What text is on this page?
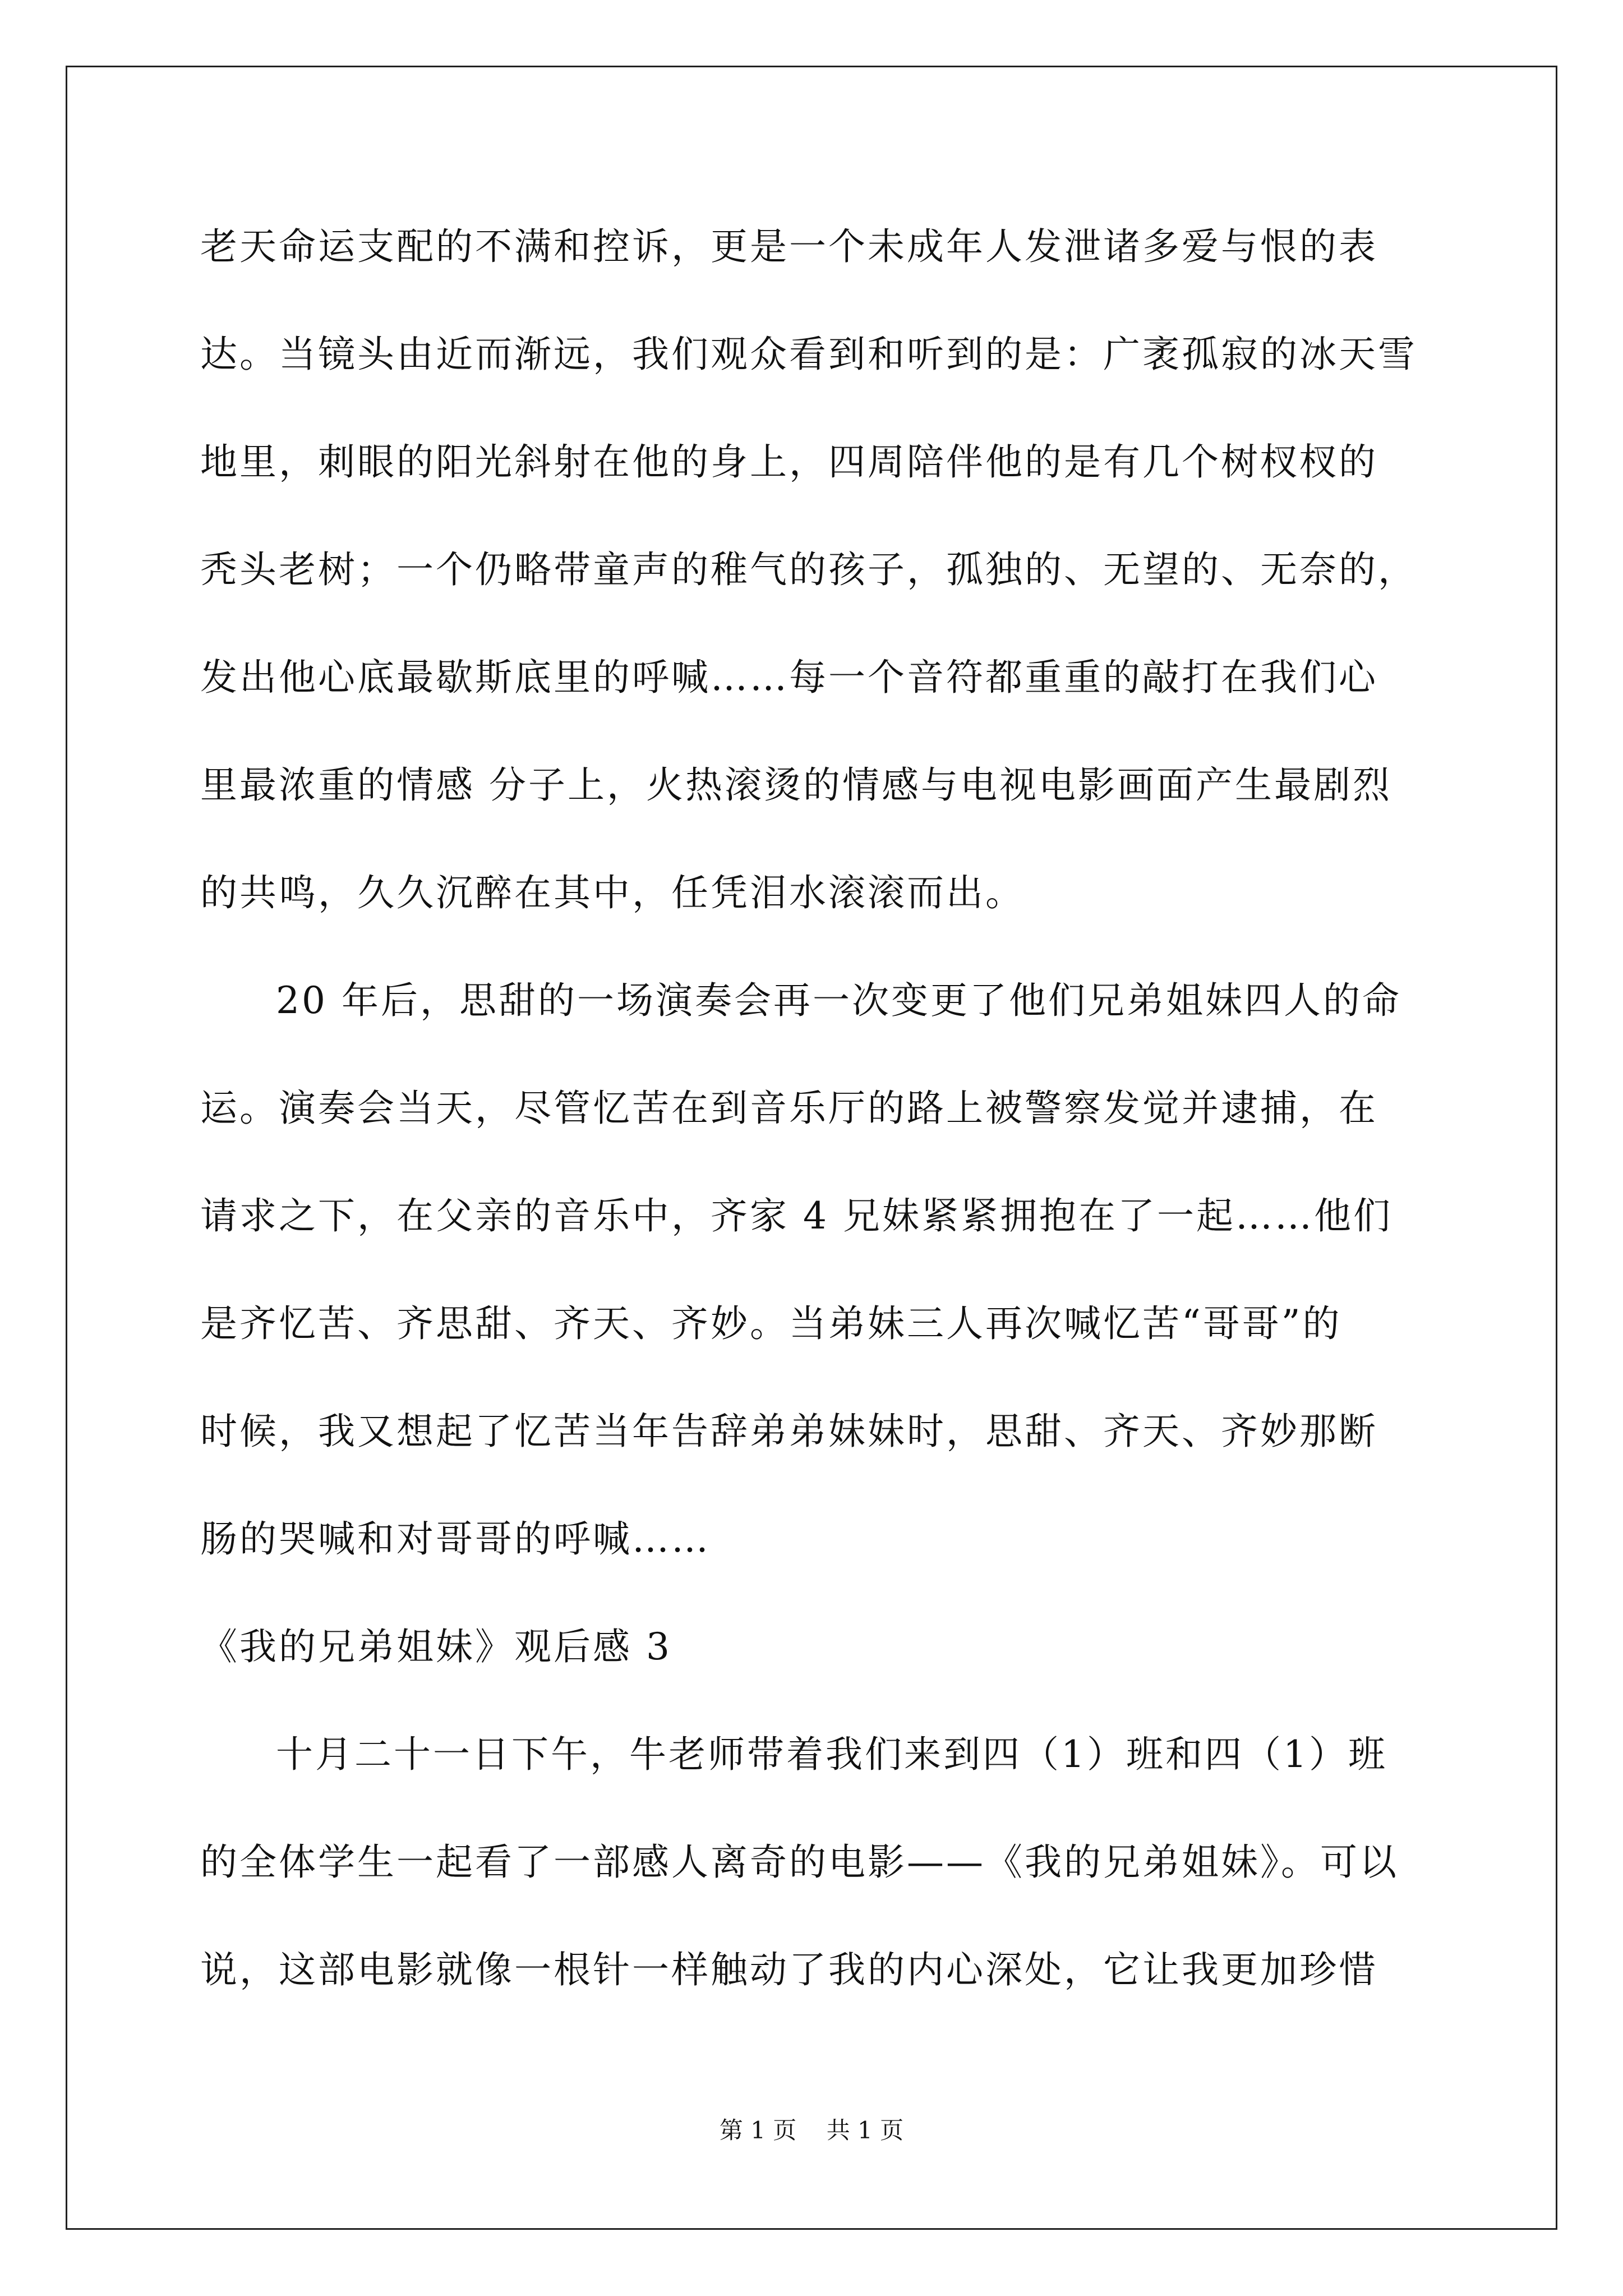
老天命运支配的不满和控诉，更是一个未成年人发泄诸多爱与恨的表
达。当镜头由近而渐远，我们观众看到和听到的是：广袤孤寂的冰天雪
地里，刺眼的阳光斜射在他的身上，四周陪伴他的是有几个树杈杈的
秃头老树；一个仍略带童声的稚气的孩子，孤独的、无望的、无奈的，
发出他心底最歇斯底里的呼喊……每一个音符都重重的敲打在我们心
里最浓重的情感 分子上，火热滚烫的情感与电视电影画面产生最剧烈
的共鸣，久久沉醉在其中，任凭泪水滚滚而出。
20 年后，思甜的一场演奏会再一次变更了他们兄弟姐妹四人的命
运。演奏会当天，尽管忆苦在到音乐厅的路上被警察发觉并逮捕，在
请求之下，在父亲的音乐中，齐家 4 兄妹紧紧拥抱在了一起……他们
是齐忆苦、齐思甜、齐天、齐妙。当弟妹三人再次喊忆苦“哥哥”的
时候，我又想起了忆苦当年告辞弟弟妹妹时，思甜、齐天、齐妙那断
肠的哭喊和对哥哥的呼喊……
《我的兄弟姐妹》观后感 3
十月二十一日下午，牛老师带着我们来到四（1）班和四（1）班
的全体学生一起看了一部感人离奇的电影——《我的兄弟姐妹》。可以
说，这部电影就像一根针一样触动了我的内心深处，它让我更加珍惜
第 1 页    共 1 页
